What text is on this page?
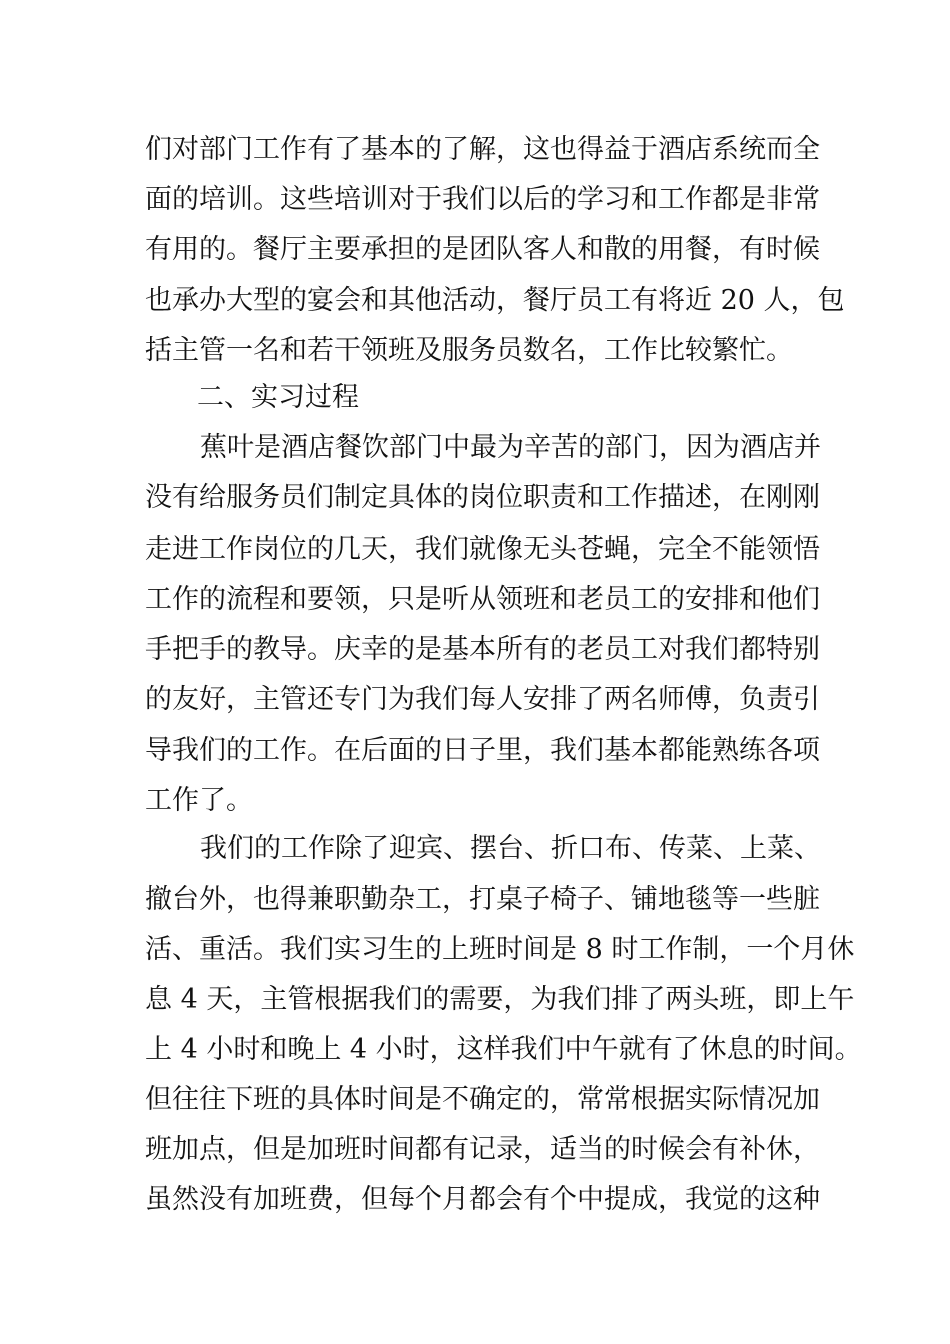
们对部门工作有了基本的了解，这也得益于酒店系统而全
面的培训。这些培训对于我们以后的学习和工作都是非常
有用的。餐厅主要承担的是团队客人和散的用餐，有时候
也承办大型的宴会和其他活动，餐厅员工有将近 20 人，包
括主管一名和若干领班及服务员数名，工作比较繁忙。
二、实习过程
蕉叶是酒店餐饮部门中最为辛苦的部门，因为酒店并
没有给服务员们制定具体的岗位职责和工作描述，在刚刚
走进工作岗位的几天，我们就像无头苍蝇，完全不能领悟
工作的流程和要领，只是听从领班和老员工的安排和他们
手把手的教导。庆幸的是基本所有的老员工对我们都特别
的友好，主管还专门为我们每人安排了两名师傅，负责引
导我们的工作。在后面的日子里，我们基本都能熟练各项
工作了。
我们的工作除了迎宾、摆台、折口布、传菜、上菜、
撤台外，也得兼职勤杂工，打桌子椅子、铺地毯等一些脏
活、重活。我们实习生的上班时间是 8 时工作制，一个月休
息 4 天，主管根据我们的需要，为我们排了两头班，即上午
上 4 小时和晚上 4 小时，这样我们中午就有了休息的时间。
但往往下班的具体时间是不确定的，常常根据实际情况加
班加点，但是加班时间都有记录，适当的时候会有补休，
虽然没有加班费，但每个月都会有个中提成，我觉的这种
